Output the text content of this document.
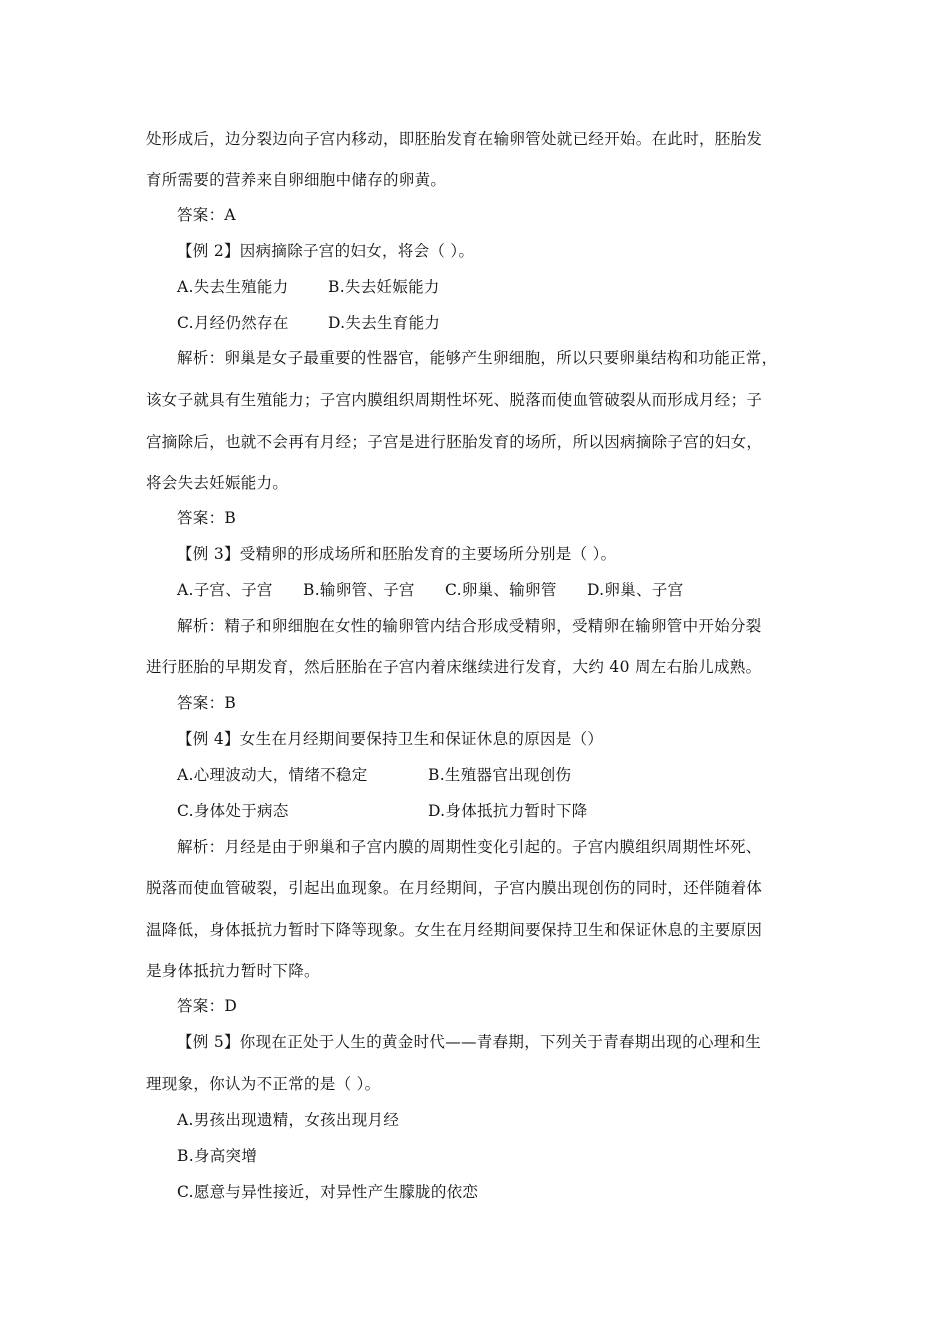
处形成后，边分裂边向子宫内移动，即胚胎发育在输卵管处就已经开始。在此时，胚胎发
育所需要的营养来自卵细胞中储存的卵黄。
答案：A
【例 2】因病摘除子宫的妇女，将会（ ）。
A.失去生殖能力	B.失去妊娠能力
C.月经仍然存在	D.失去生育能力
解析：卵巢是女子最重要的性器官，能够产生卵细胞，所以只要卵巢结构和功能正常，
该女子就具有生殖能力；子宫内膜组织周期性坏死、脱落而使血管破裂从而形成月经；子
宫摘除后，也就不会再有月经；子宫是进行胚胎发育的场所，所以因病摘除子宫的妇女，
将会失去妊娠能力。
答案：B
【例 3】受精卵的形成场所和胚胎发育的主要场所分别是（ ）。
A.子宫、子宫 B.输卵管、子宫 C.卵巢、输卵管 D.卵巢、子宫
解析：精子和卵细胞在女性的输卵管内结合形成受精卵，受精卵在输卵管中开始分裂
进行胚胎的早期发育，然后胚胎在子宫内着床继续进行发育，大约 40 周左右胎儿成熟。
答案：B
【例 4】女生在月经期间要保持卫生和保证休息的原因是（）
A.心理波动大，情绪不稳定	B.生殖器官出现创伤
C.身体处于病态	D.身体抵抗力暂时下降
解析：月经是由于卵巢和子宫内膜的周期性变化引起的。子宫内膜组织周期性坏死、
脱落而使血管破裂，引起出血现象。在月经期间，子宫内膜出现创伤的同时，还伴随着体
温降低，身体抵抗力暂时下降等现象。女生在月经期间要保持卫生和保证休息的主要原因
是身体抵抗力暂时下降。
答案：D
【例 5】你现在正处于人生的黄金时代——青春期，下列关于青春期出现的心理和生
理现象，你认为不正常的是（ ）。
A.男孩出现遗精，女孩出现月经
B.身高突增
C.愿意与异性接近，对异性产生朦胧的依恋
